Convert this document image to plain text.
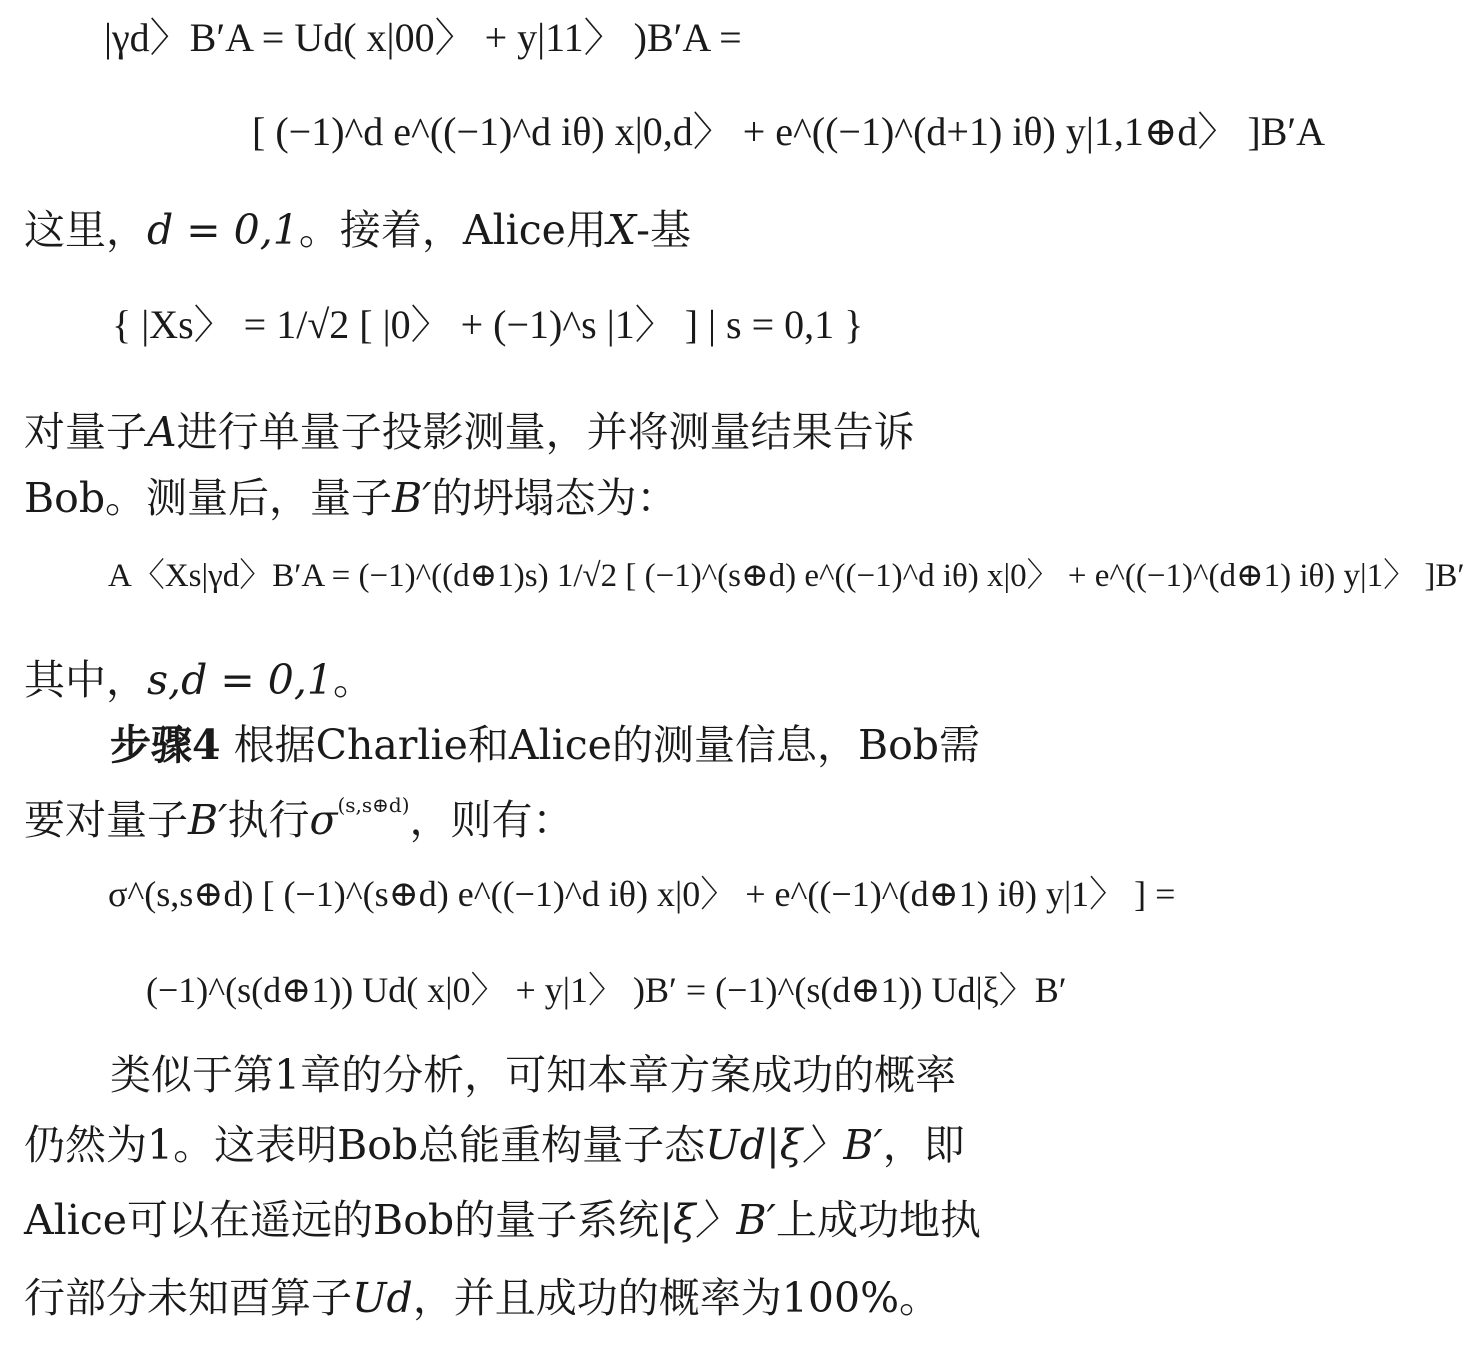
|γd〉B′A = Ud( x|00〉 + y|11〉 )B′A =
[ (−1)^d e^((−1)^d iθ) x|0,d〉 + e^((−1)^(d+1) iθ) y|1,1⊕d〉 ]B′A
这里，d = 0,1。接着，Alice用X-基
{ |Xs〉 = 1/√2 [ |0〉 + (−1)^s |1〉 ] | s = 0,1 }
对量子A进行单量子投影测量，并将测量结果告诉
Bob。测量后，量子B′的坍塌态为：
A〈Xs|γd〉B′A = (−1)^((d⊕1)s) 1/√2 [ (−1)^(s⊕d) e^((−1)^d iθ) x|0〉 + e^((−1)^(d⊕1) iθ) y|1〉 ]B′
其中，s,d = 0,1。
步骤4 根据Charlie和Alice的测量信息，Bob需
要对量子B′执行$\sigma^{(s,s\oplus d)}$，则有：
σ^(s,s⊕d) [ (−1)^(s⊕d) e^((−1)^d iθ) x|0〉 + e^((−1)^(d⊕1) iθ) y|1〉 ] =
(−1)^(s(d⊕1)) Ud( x|0〉 + y|1〉 )B′ = (−1)^(s(d⊕1)) Ud|ξ〉B′
类似于第1章的分析，可知本章方案成功的概率
仍然为1。这表明Bob总能重构量子态Ud|ξ〉B′，即
Alice可以在遥远的Bob的量子系统|ξ〉B′上成功地执
行部分未知酉算子Ud，并且成功的概率为100%。
